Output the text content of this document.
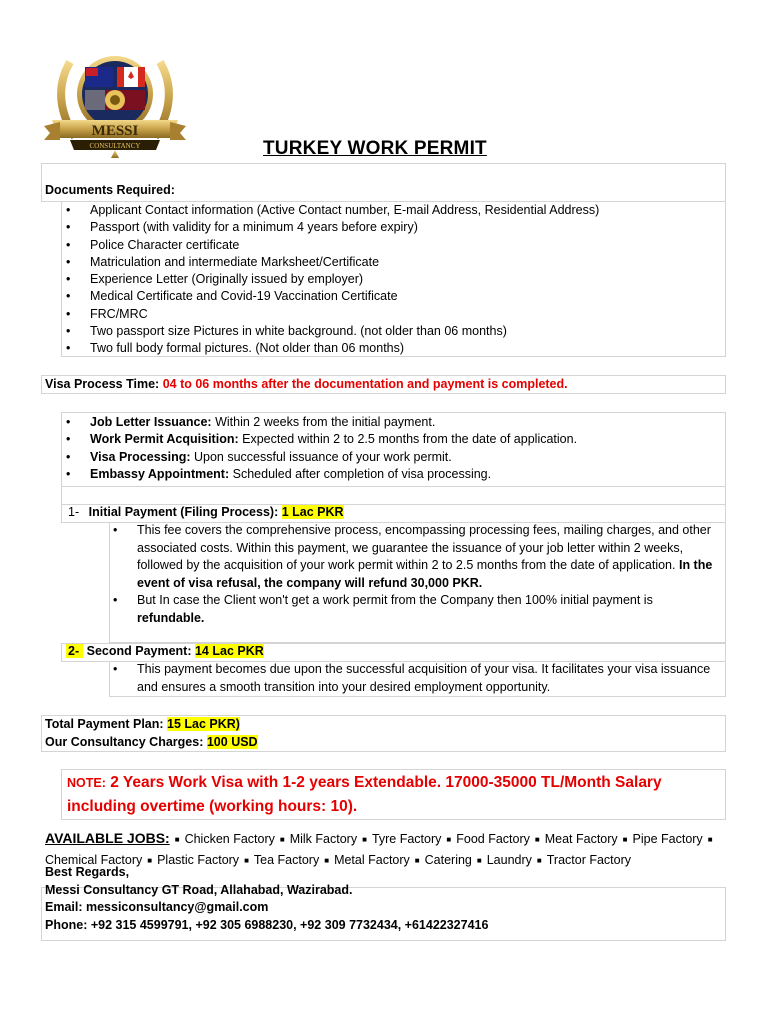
MESSI
CONSULTANCY	TURKEY WORK PERMIT
Documents Required:
• Applicant Contact information (Active Contact number, E-mail Address, Residential Address)
• Passport (with validity for a minimum 4 years before expiry)
• Police Character certificate
• Matriculation and intermediate Marksheet/Certificate
• Experience Letter (Originally issued by employer)
• Medical Certificate and Covid-19 Vaccination Certificate
• FRC/MRC
• Two passport size Pictures in white background. (not older than 06 months)
• Two full body formal pictures. (Not older than 06 months)
Visa Process Time: 04 to 06 months after the documentation and payment is completed.
• Job Letter Issuance: Within 2 weeks from the initial payment.
• Work Permit Acquisition: Expected within 2 to 2.5 months from the date of application.
• Visa Processing: Upon successful issuance of your work permit.
• Embassy Appointment: Scheduled after completion of visa processing.
1- Initial Payment (Filing Process): 1 Lac PKR
• This fee covers the comprehensive process, encompassing processing fees, mailing charges, and other associated costs. Within this payment, we guarantee the issuance of your job letter within 2 weeks, followed by the acquisition of your work permit within 2 to 2.5 months from the date of application. In the event of visa refusal, the company will refund 30,000 PKR.
• But In case the Client won't get a work permit from the Company then 100% initial payment is refundable.
2- Second Payment: 14 Lac PKR
• This payment becomes due upon the successful acquisition of your visa. It facilitates your visa issuance and ensures a smooth transition into your desired employment opportunity.
Total Payment Plan: 15 Lac PKR)
Our Consultancy Charges: 100 USD
NOTE: 2 Years Work Visa with 1-2 years Extendable. 17000-35000 TL/Month Salary including overtime (working hours: 10).
AVAILABLE JOBS: ■ Chicken Factory ■ Milk Factory ■ Tyre Factory ■ Food Factory ■ Meat Factory ■ Pipe Factory ■Chemical Factory ■ Plastic Factory ■ Tea Factory ■ Metal Factory ■ Catering ■ Laundry ■ Tractor Factory
Best Regards,
Messi Consultancy GT Road, Allahabad, Wazirabad.
Email: messiconsultancy@gmail.com
Phone: +92 315 4599791, +92 305 6988230, +92 309 7732434, +61422327416
